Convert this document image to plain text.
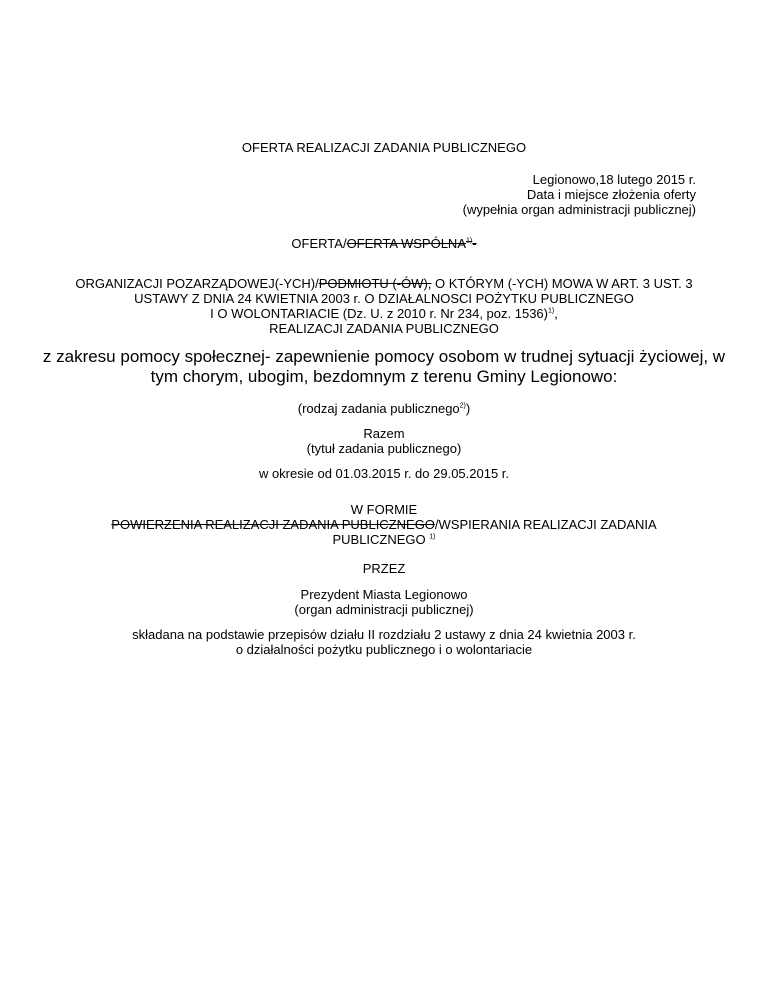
OFERTA REALIZACJI ZADANIA PUBLICZNEGO
Legionowo,18 lutego 2015 r.
Data i miejsce złożenia oferty
(wypełnia organ administracji publicznej)
OFERTA/OFERTA WSPÓLNA$^{1)}$-
ORGANIZACJI POZARZĄDOWEJ(-YCH)/PODMIOTU (-ÓW), O KTÓRYM (-YCH) MOWA W ART. 3 UST. 3
USTAWY Z DNIA 24 KWIETNIA 2003 r. O DZIAŁALNOSCI POŻYTKU PUBLICZNEGO
I O WOLONTARIACIE (Dz. U. z 2010 r. Nr 234, poz. 1536)$^{1)}$,
REALIZACJI ZADANIA PUBLICZNEGO
z zakresu pomocy społecznej- zapewnienie pomocy osobom w trudnej sytuacji życiowej, w
tym chorym, ubogim, bezdomnym z terenu Gminy Legionowo:
(rodzaj zadania publicznego$^{2)}$)
Razem
(tytuł zadania publicznego)
w okresie od 01.03.2015 r. do 29.05.2015 r.
W FORMIE
POWIERZENIA REALIZACJI ZADANIA PUBLICZNEGO/WSPIERANIA REALIZACJI ZADANIA
PUBLICZNEGO $^{1)}$
PRZEZ
Prezydent Miasta Legionowo
(organ administracji publicznej)
składana na podstawie przepisów działu II rozdziału 2 ustawy z dnia 24 kwietnia 2003 r.
o działalności pożytku publicznego i o wolontariacie
